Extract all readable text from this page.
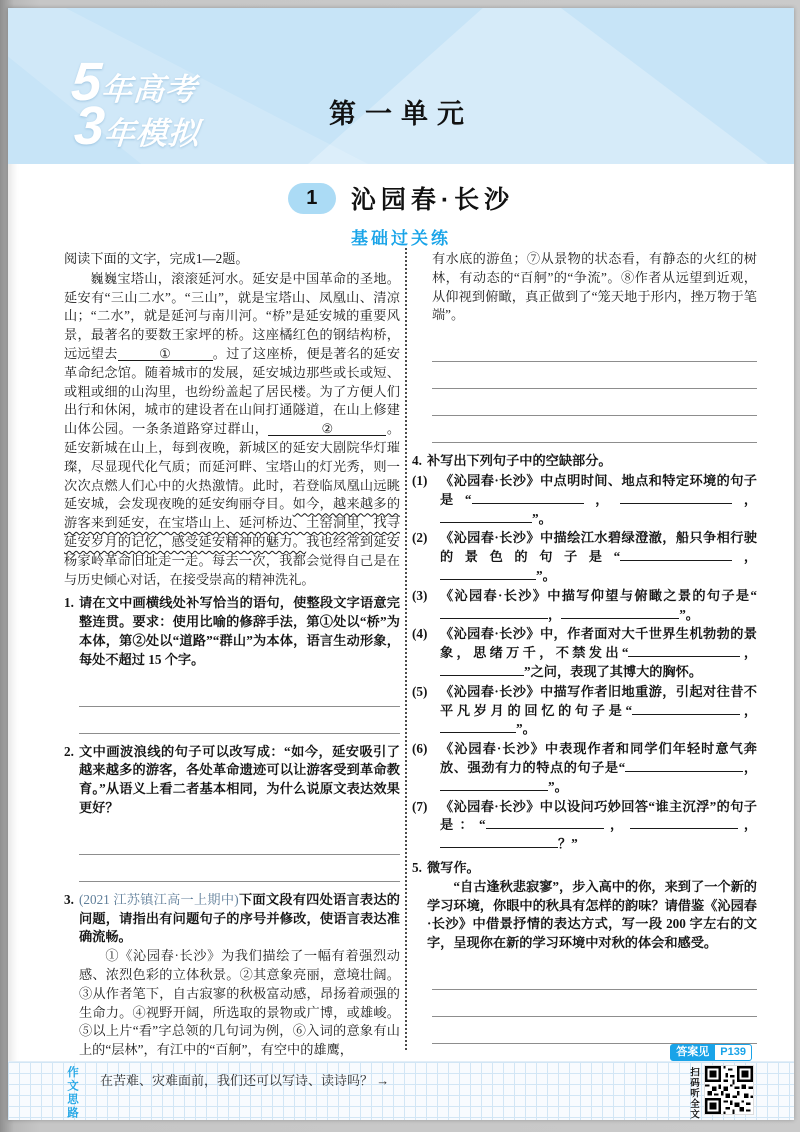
5年高考
3年模拟
第一单元
1	沁园春·长沙
基础过关练

阅读下面的文字，完成1—2题。

巍巍宝塔山，滚滚延河水。延安是中国革命的圣地。延安有“三山二水”。“三山”，就是宝塔山、凤凰山、清凉山；“二水”，就是延河与南川河。“桥”是延安城的重要风景，最著名的要数王家坪的桥。这座橘红色的钢结构桥，远远望去	①	。过了这座桥，便是著名的延安革命纪念馆。随着城市的发展，延安城边那些或长或短、或粗或细的山沟里，也纷纷盖起了居民楼。为了方便人们出行和休闲，城市的建设者在山间打通隧道，在山上修建山体公园。一条条道路穿过群山，	②	。延安新城在山上，每到夜晚，新城区的延安大剧院华灯璀璨，尽显现代化气质；而延河畔、宝塔山的灯光秀，则一次次点燃人们心中的火热激情。此时，若登临凤凰山远眺延安城，会发现夜晚的延安绚丽夺目。如今，越来越多的游客来到延安，在宝塔山上、延河桥边、土窑洞里，找寻延安岁月的记忆，感受延安精神的魅力。我也经常到延安杨家岭革命旧址走一走。每去一次，我都会觉得自己是在与历史倾心对话，在接受崇高的精神洗礼。

1. 请在文中画横线处补写恰当的语句，使整段文字语意完整连贯。要求：使用比喻的修辞手法，第①处以“桥”为本体，第②处以“道路”“群山”为本体，语言生动形象，每处不超过 15 个字。
2. 文中画波浪线的句子可以改写成：“如今，延安吸引了越来越多的游客，各处革命遗迹可以让游客受到革命教育。”从语义上看二者基本相同，为什么说原文表达效果更好？
3. (2021 江苏镇江高一上期中)下面文段有四处语言表达的问题，请指出有问题句子的序号并修改，使语言表达准确流畅。

①《沁园春·长沙》为我们描绘了一幅有着强烈动感、浓烈色彩的立体秋景。②其意象亮丽，意境壮阔。③从作者笔下，自古寂寥的秋极富动感，昂扬着顽强的生命力。④视野开阔，所选取的景物或广博，或雄峻。⑤以上片“看”字总领的几句词为例，⑥入词的意象有山上的“层林”，有江中的“百舸”，有空中的雄鹰，

有水底的游鱼；⑦从景物的状态看，有静态的火红的树林，有动态的“百舸”的“争流”。⑧作者从远望到近观，从仰视到俯瞰，真正做到了“笼天地于形内，挫万物于笔端”。

4. 补写出下列句子中的空缺部分。
(1) 《沁园春·长沙》中点明时间、地点和特定环境的句子是“	，	，”。
(2) 《沁园春·长沙》中描绘江水碧绿澄澈，船只争相行驶的景色的句子是“	，”。
(3) 《沁园春·长沙》中描写仰望与俯瞰之景的句子是“，	”。
(4) 《沁园春·长沙》中，作者面对大千世界生机勃勃的景象，思绪万千，不禁发出“	，”之问，表现了其博大的胸怀。
(5) 《沁园春·长沙》中描写作者旧地重游，引起对往昔不平凡岁月的回忆的句子是“	，”。
(6) 《沁园春·长沙》中表现作者和同学们年轻时意气奔放、强劲有力的特点的句子是“	，”。
(7) 《沁园春·长沙》中以设问巧妙回答“谁主沉浮”的句子是：“	，	，？”
5. 微写作。

“自古逢秋悲寂寥”，步入高中的你，来到了一个新的学习环境，你眼中的秋具有怎样的韵味？请借鉴《沁园春·长沙》中借景抒情的表达方式，写一段 200 字左右的文字，呈现你在新的学习环境中对秋的体会和感受。

答案见	P139
作文思路 在苦难、灾难面前，我们还可以写诗、读诗吗？ →	扫码听全文
